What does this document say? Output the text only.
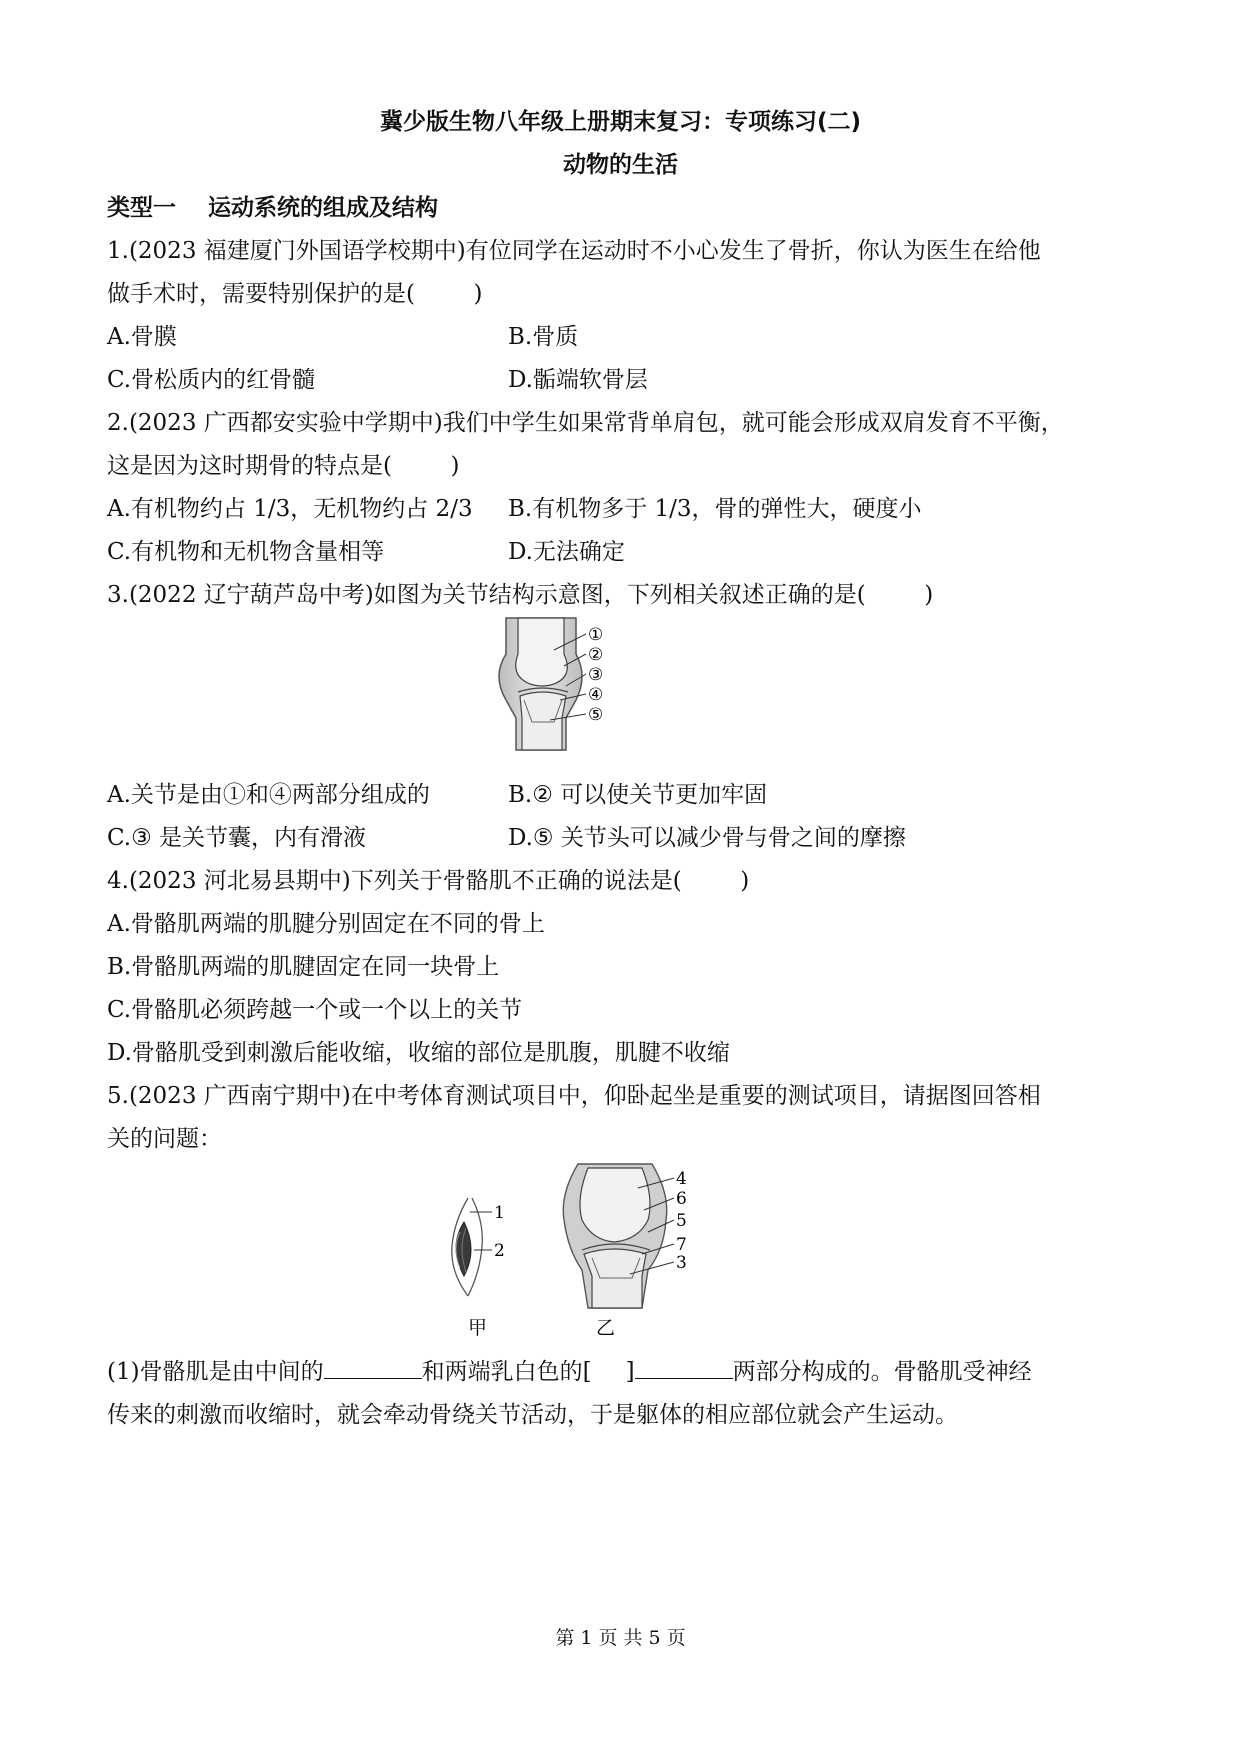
冀少版生物八年级上册期末复习：专项练习(二)
动物的生活
类型一    运动系统的组成及结构
1.(2023 福建厦门外国语学校期中)有位同学在运动时不小心发生了骨折，你认为医生在给他
做手术时，需要特别保护的是(        )
A.骨膜	B.骨质
C.骨松质内的红骨髓	D.骺端软骨层
2.(2023 广西都安实验中学期中)我们中学生如果常背单肩包，就可能会形成双肩发育不平衡，
这是因为这时期骨的特点是(        )
A.有机物约占 1/3，无机物约占 2/3 B.有机物多于 1/3，骨的弹性大，硬度小
C.有机物和无机物含量相等	D.无法确定
3.(2022 辽宁葫芦岛中考)如图为关节结构示意图，下列相关叙述正确的是(        )
①
②
③
④
⑤
A.关节是由①和④两部分组成的	B.② 可以使关节更加牢固
C.③ 是关节囊，内有滑液	D.⑤ 关节头可以减少骨与骨之间的摩擦
4.(2023 河北易县期中)下列关于骨骼肌不正确的说法是(        )
A.骨骼肌两端的肌腱分别固定在不同的骨上
B.骨骼肌两端的肌腱固定在同一块骨上
C.骨骼肌必须跨越一个或一个以上的关节
D.骨骼肌受到刺激后能收缩，收缩的部位是肌腹，肌腱不收缩
5.(2023 广西南宁期中)在中考体育测试项目中，仰卧起坐是重要的测试项目，请据图回答相
关的问题：
1
2
甲
4
6
5
7
3
乙
(1)骨骼肌是由中间的	和两端乳白色的[ ]	两部分构成的。骨骼肌受神经
传来的刺激而收缩时，就会牵动骨绕关节活动，于是躯体的相应部位就会产生运动。
第 1 页 共 5 页
